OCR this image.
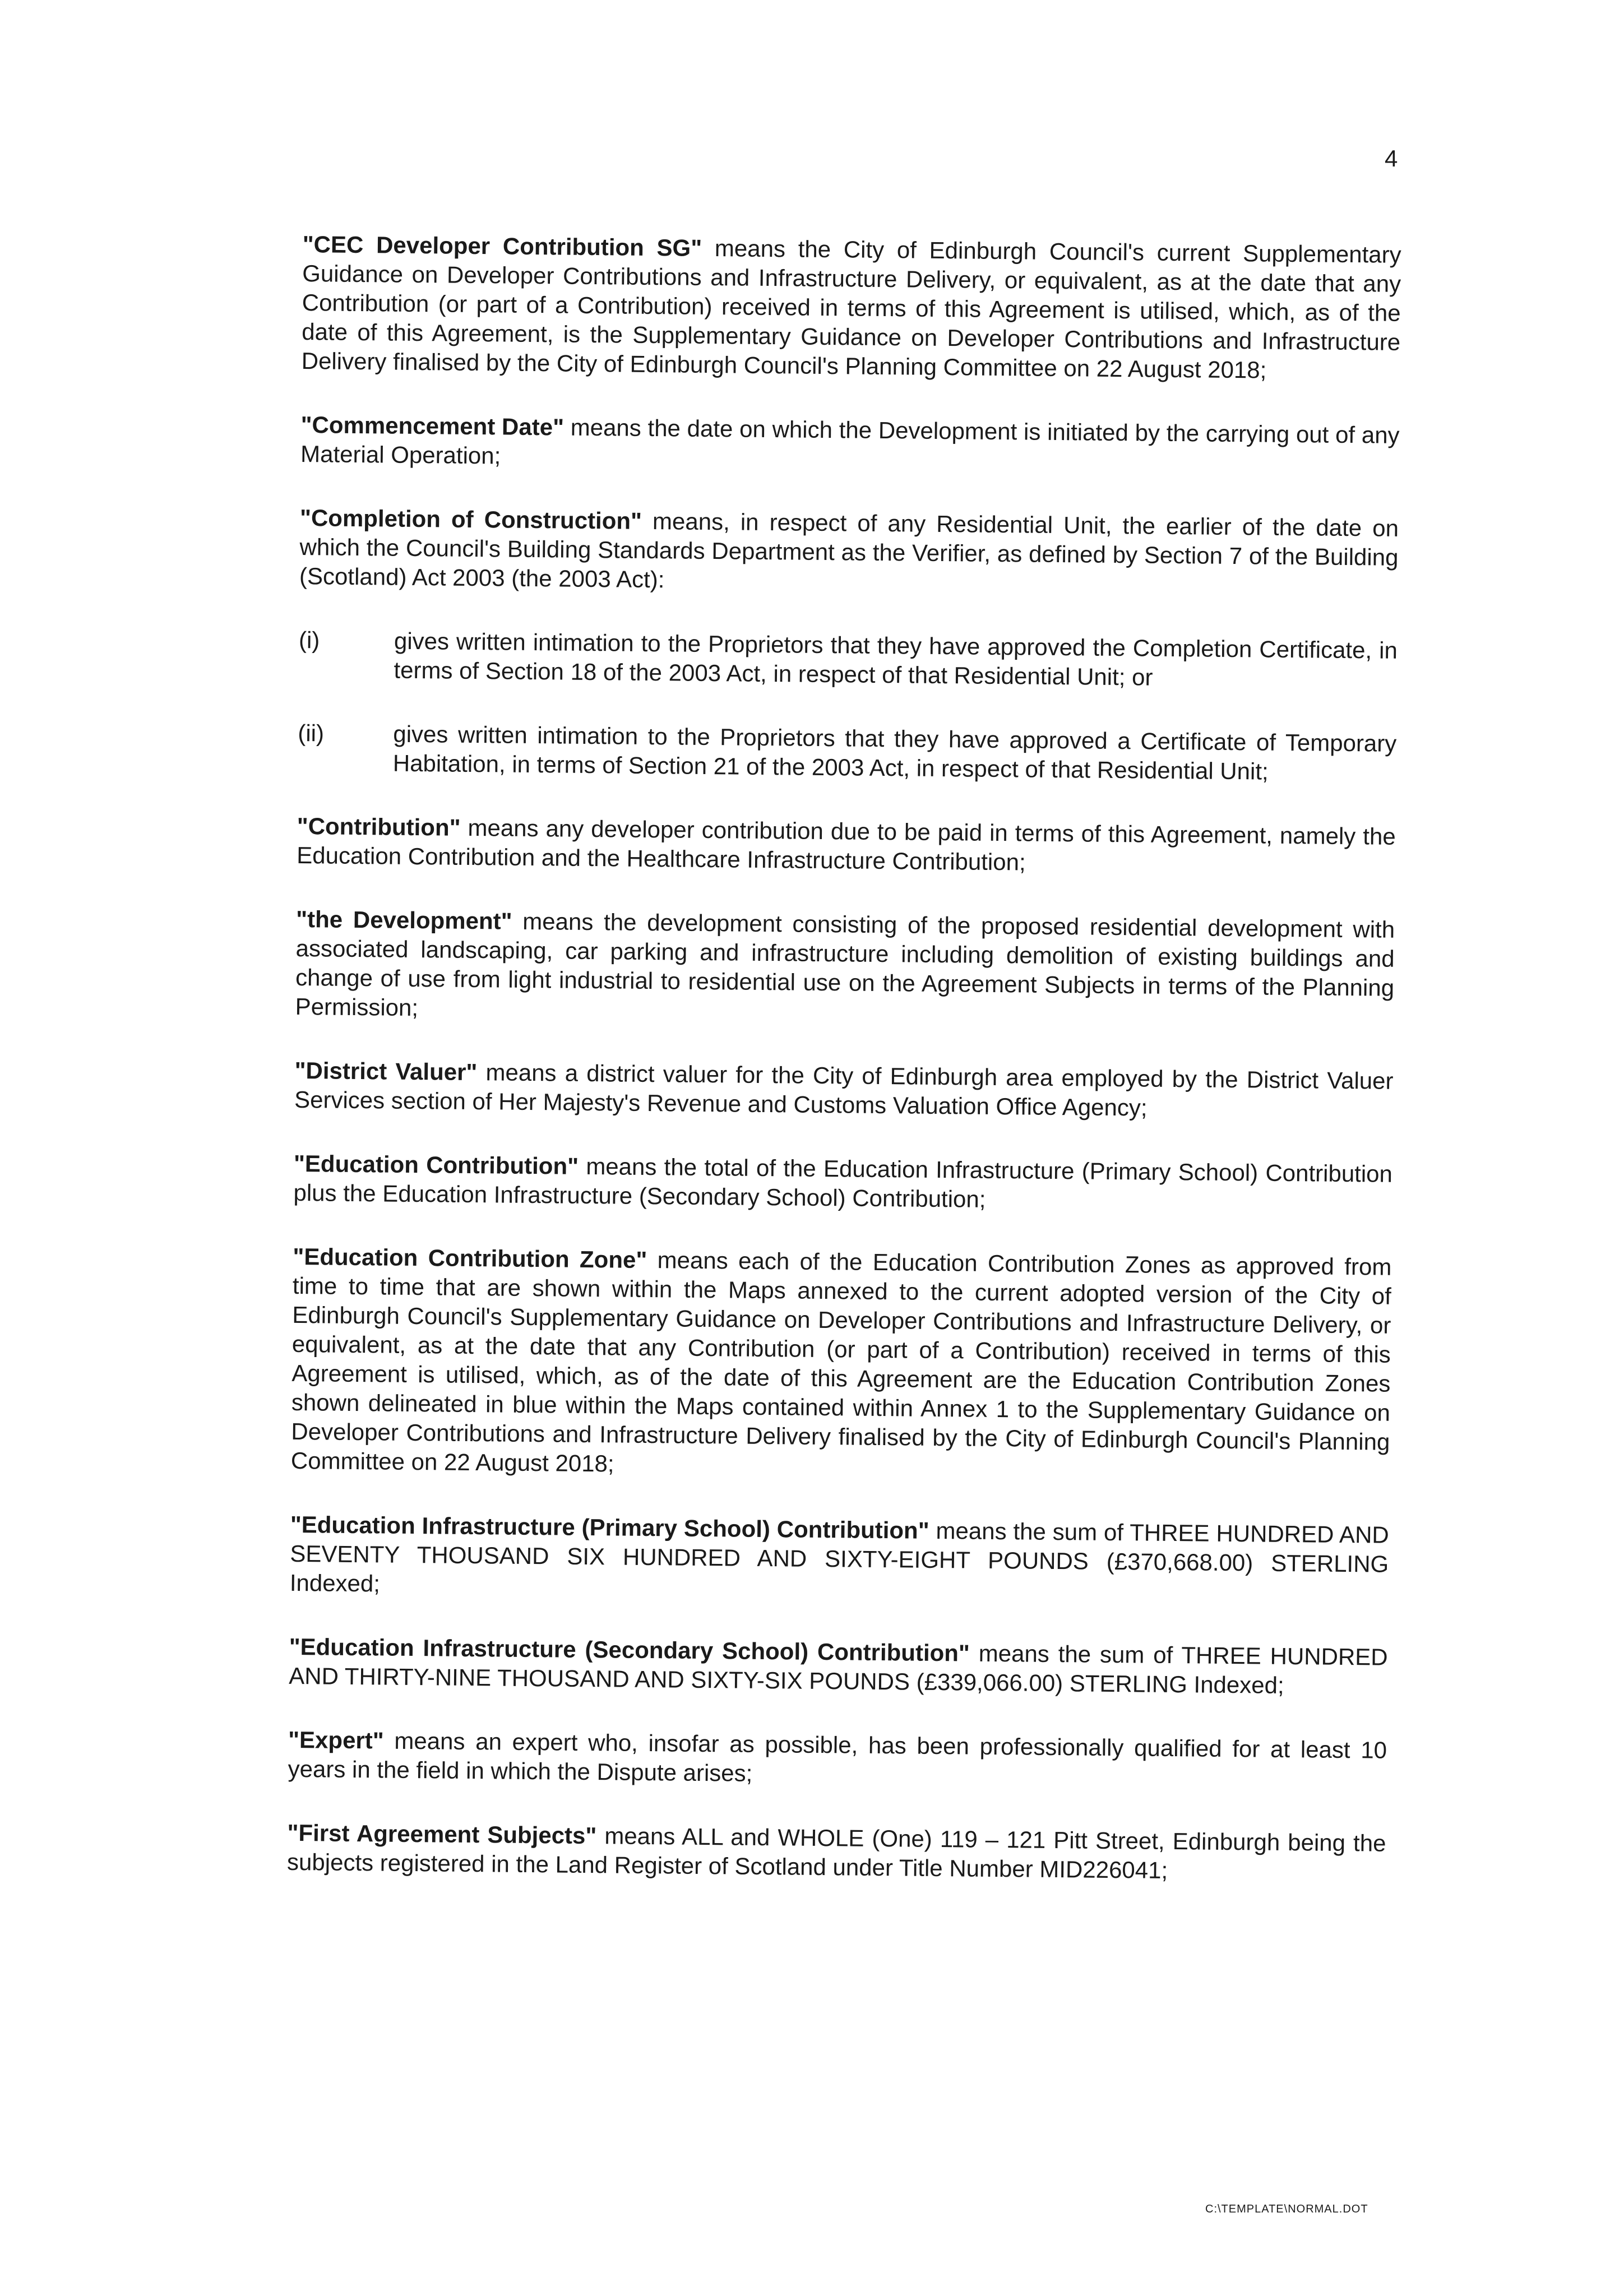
4

"CEC Developer Contribution SG" means the City of Edinburgh Council's current Supplementary Guidance on Developer Contributions and Infrastructure Delivery, or equivalent, as at the date that any Contribution (or part of a Contribution) received in terms of this Agreement is utilised, which, as of the date of this Agreement, is the Supplementary Guidance on Developer Contributions and Infrastructure Delivery finalised by the City of Edinburgh Council's Planning Committee on 22 August 2018;

"Commencement Date" means the date on which the Development is initiated by the carrying out of any Material Operation;

"Completion of Construction" means, in respect of any Residential Unit, the earlier of the date on which the Council's Building Standards Department as the Verifier, as defined by Section 7 of the Building (Scotland) Act 2003 (the 2003 Act):

(i)	gives written intimation to the Proprietors that they have approved the Completion Certificate, in terms of Section 18 of the 2003 Act, in respect of that Residential Unit; or
(ii)	gives written intimation to the Proprietors that they have approved a Certificate of Temporary Habitation, in terms of Section 21 of the 2003 Act, in respect of that Residential Unit;

"Contribution" means any developer contribution due to be paid in terms of this Agreement, namely the Education Contribution and the Healthcare Infrastructure Contribution;

"the Development" means the development consisting of the proposed residential development with associated landscaping, car parking and infrastructure including demolition of existing buildings and change of use from light industrial to residential use on the Agreement Subjects in terms of the Planning Permission;

"District Valuer" means a district valuer for the City of Edinburgh area employed by the District Valuer Services section of Her Majesty's Revenue and Customs Valuation Office Agency;

"Education Contribution" means the total of the Education Infrastructure (Primary School) Contribution plus the Education Infrastructure (Secondary School) Contribution;

"Education Contribution Zone" means each of the Education Contribution Zones as approved from time to time that are shown within the Maps annexed to the current adopted version of the City of Edinburgh Council's Supplementary Guidance on Developer Contributions and Infrastructure Delivery, or equivalent, as at the date that any Contribution (or part of a Contribution) received in terms of this Agreement is utilised, which, as of the date of this Agreement are the Education Contribution Zones shown delineated in blue within the Maps contained within Annex 1 to the Supplementary Guidance on Developer Contributions and Infrastructure Delivery finalised by the City of Edinburgh Council's Planning Committee on 22 August 2018;

"Education Infrastructure (Primary School) Contribution" means the sum of THREE HUNDRED AND SEVENTY THOUSAND SIX HUNDRED AND SIXTY-EIGHT POUNDS (£370,668.00) STERLING Indexed;

"Education Infrastructure (Secondary School) Contribution" means the sum of THREE HUNDRED AND THIRTY-NINE THOUSAND AND SIXTY-SIX POUNDS (£339,066.00) STERLING Indexed;

"Expert" means an expert who, insofar as possible, has been professionally qualified for at least 10 years in the field in which the Dispute arises;

"First Agreement Subjects" means ALL and WHOLE (One) 119 – 121 Pitt Street, Edinburgh being the subjects registered in the Land Register of Scotland under Title Number MID226041;

C:\TEMPLATE\NORMAL.DOT
